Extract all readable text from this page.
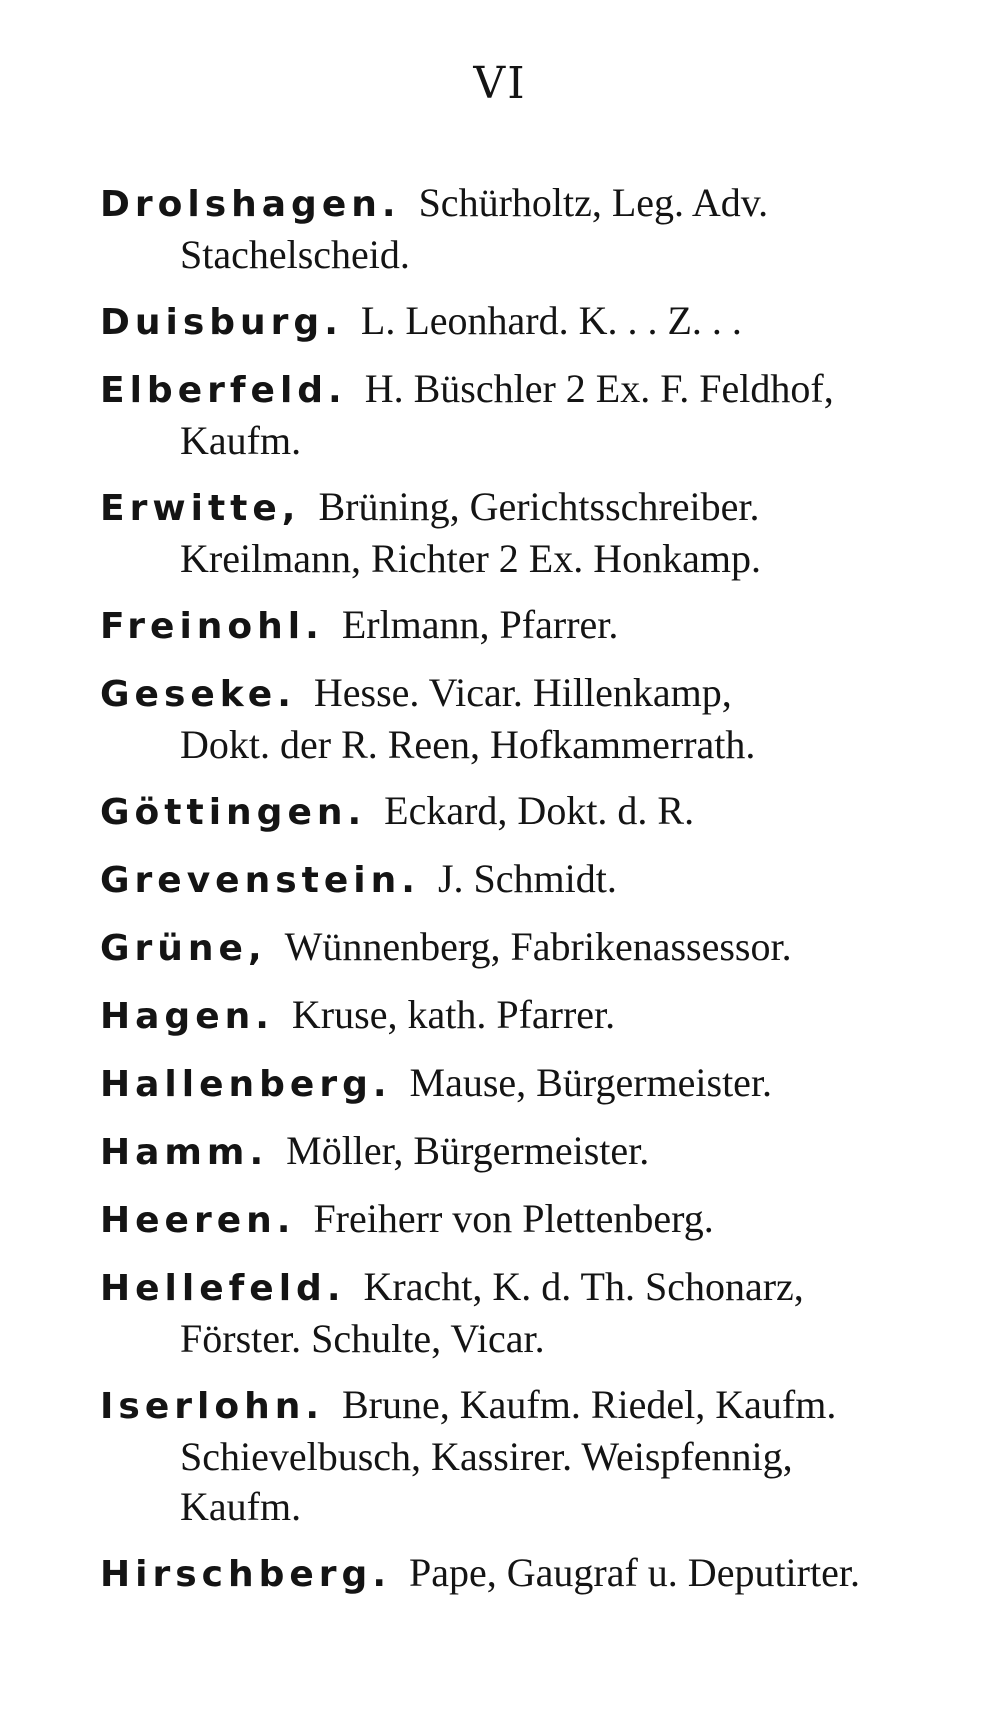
VI
Drolshagen. Schürholtz, Leg. Adv.
Stachelscheid.
Duisburg. L. Leonhard. K. . . Z. . .
Elberfeld. H. Büschler 2 Ex. F. Feldhof,
Kaufm.
Erwitte, Brüning, Gerichtsschreiber.
Kreilmann, Richter 2 Ex. Honkamp.
Freinohl. Erlmann, Pfarrer.
Geseke. Hesse. Vicar. Hillenkamp,
Dokt. der R. Reen, Hofkammerrath.
Göttingen. Eckard, Dokt. d. R.
Grevenstein. J. Schmidt.
Grüne, Wünnenberg, Fabrikenassessor.
Hagen. Kruse, kath. Pfarrer.
Hallenberg. Mause, Bürgermeister.
Hamm. Möller, Bürgermeister.
Heeren. Freiherr von Plettenberg.
Hellefeld. Kracht, K. d. Th. Schonarz,
Förster. Schulte, Vicar.
Iserlohn. Brune, Kaufm. Riedel, Kaufm.
Schievelbusch, Kassirer. Weispfennig,
Kaufm.
Hirschberg. Pape, Gaugraf u. Deputirter.
